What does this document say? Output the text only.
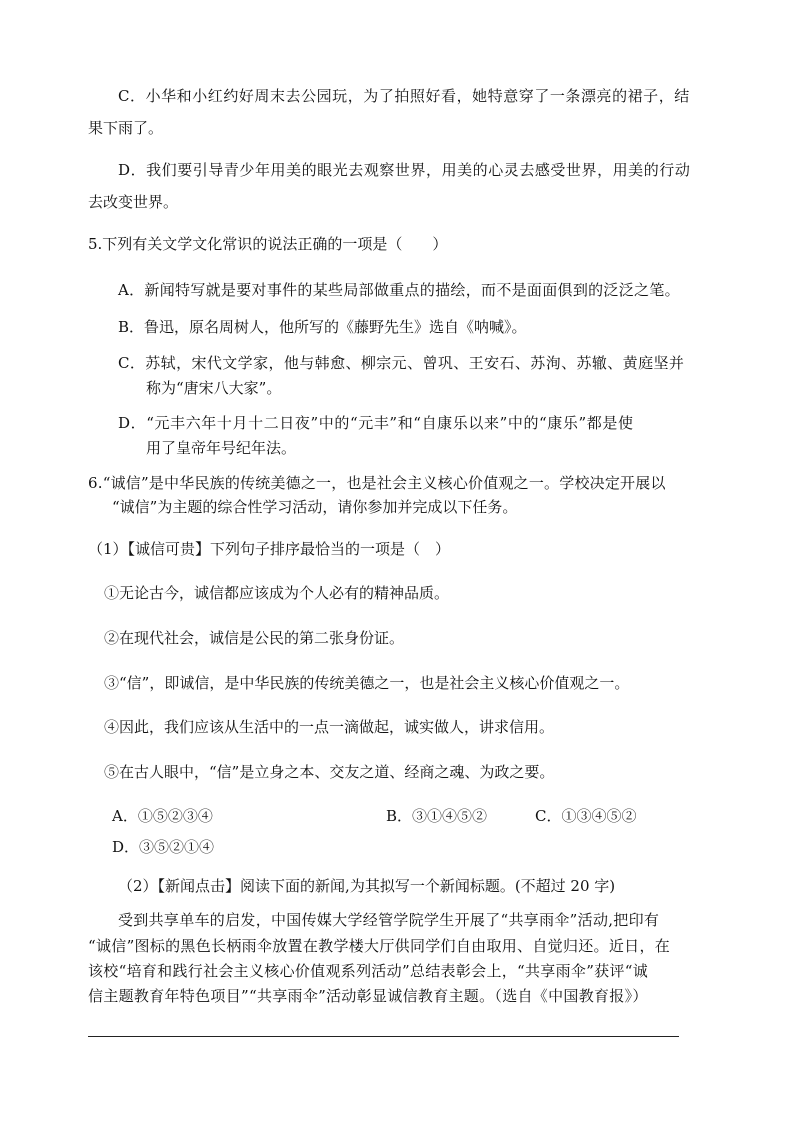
C．小华和小红约好周末去公园玩，为了拍照好看，她特意穿了一条漂亮的裙子，结
果下雨了。
D．我们要引导青少年用美的眼光去观察世界，用美的心灵去感受世界，用美的行动
去改变世界。
5.下列有关文学文化常识的说法正确的一项是（　　）
A．新闻特写就是要对事件的某些局部做重点的描绘，而不是面面俱到的泛泛之笔。
B．鲁迅，原名周树人，他所写的《藤野先生》选自《呐喊》。
C．苏轼，宋代文学家，他与韩愈、柳宗元、曾巩、王安石、苏洵、苏辙、黄庭坚并
称为“唐宋八大家”。
D．“元丰六年十月十二日夜”中的“元丰”和“自康乐以来”中的“康乐”都是使
用了皇帝年号纪年法。
6.“诚信”是中华民族的传统美德之一，也是社会主义核心价值观之一。学校决定开展以
“诚信”为主题的综合性学习活动，请你参加并完成以下任务。
（1）【诚信可贵】下列句子排序最恰当的一项是（　）
①无论古今，诚信都应该成为个人必有的精神品质。
②在现代社会，诚信是公民的第二张身份证。
③“信”，即诚信，是中华民族的传统美德之一，也是社会主义核心价值观之一。
④因此，我们应该从生活中的一点一滴做起，诚实做人，讲求信用。
⑤在古人眼中，“信”是立身之本、交友之道、经商之魂、为政之要。
A．①⑤②③④	B．③①④⑤②	C．①③④⑤②
D．③⑤②①④
（2）【新闻点击】阅读下面的新闻,为其拟写一个新闻标题。(不超过 20 字)
受到共享单车的启发，中国传媒大学经管学院学生开展了“共享雨伞”活动,把印有
“诚信”图标的黑色长柄雨伞放置在教学楼大厅供同学们自由取用、自觉归还。近日，在
该校“培育和践行社会主义核心价值观系列活动”总结表彰会上，“共享雨伞”获评“诚
信主题教育年特色项目”“共享雨伞”活动彰显诚信教育主题。（选自《中国教育报》）
